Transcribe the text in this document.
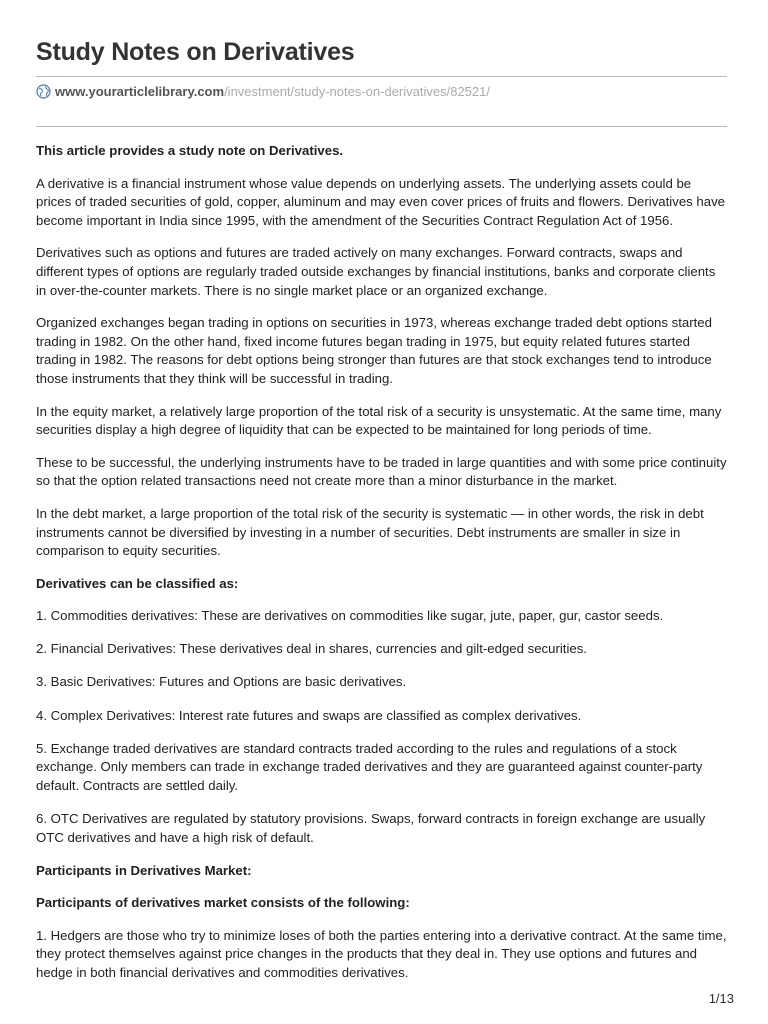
Study Notes on Derivatives
www.yourarticlelibrary.com /investment/study-notes-on-derivatives/82521/

This article provides a study note on Derivatives.

A derivative is a financial instrument whose value depends on underlying assets. The underlying assets could be prices of traded securities of gold, copper, aluminum and may even cover prices of fruits and flowers. Derivatives have become important in India since 1995, with the amendment of the Securities Contract Regulation Act of 1956.

Derivatives such as options and futures are traded actively on many exchanges. Forward contracts, swaps and different types of options are regularly traded outside exchanges by financial institutions, banks and corporate clients in over-the-counter markets. There is no single market place or an organized exchange.

Organized exchanges began trading in options on securities in 1973, whereas exchange traded debt options started trading in 1982. On the other hand, fixed income futures began trading in 1975, but equity related futures started trading in 1982. The reasons for debt options being stronger than futures are that stock exchanges tend to introduce those instruments that they think will be successful in trading.

In the equity market, a relatively large proportion of the total risk of a security is unsystematic. At the same time, many securities display a high degree of liquidity that can be expected to be maintained for long periods of time.

These to be successful, the underlying instruments have to be traded in large quantities and with some price continuity so that the option related transactions need not create more than a minor disturbance in the market.

In the debt market, a large proportion of the total risk of the security is systematic — in other words, the risk in debt instruments cannot be diversified by investing in a number of securities. Debt instruments are smaller in size in comparison to equity securities.

Derivatives can be classified as:

1. Commodities derivatives: These are derivatives on commodities like sugar, jute, paper, gur, castor seeds.

2. Financial Derivatives: These derivatives deal in shares, currencies and gilt-edged securities.

3. Basic Derivatives: Futures and Options are basic derivatives.

4. Complex Derivatives: Interest rate futures and swaps are classified as complex derivatives.

5. Exchange traded derivatives are standard contracts traded according to the rules and regulations of a stock exchange. Only members can trade in exchange traded derivatives and they are guaranteed against counter-party default. Contracts are settled daily.

6. OTC Derivatives are regulated by statutory provisions. Swaps, forward contracts in foreign exchange are usually OTC derivatives and have a high risk of default.

Participants in Derivatives Market:

Participants of derivatives market consists of the following:

1. Hedgers are those who try to minimize loses of both the parties entering into a derivative contract. At the same time, they protect themselves against price changes in the products that they deal in. They use options and futures and hedge in both financial derivatives and commodities derivatives.

1/13
